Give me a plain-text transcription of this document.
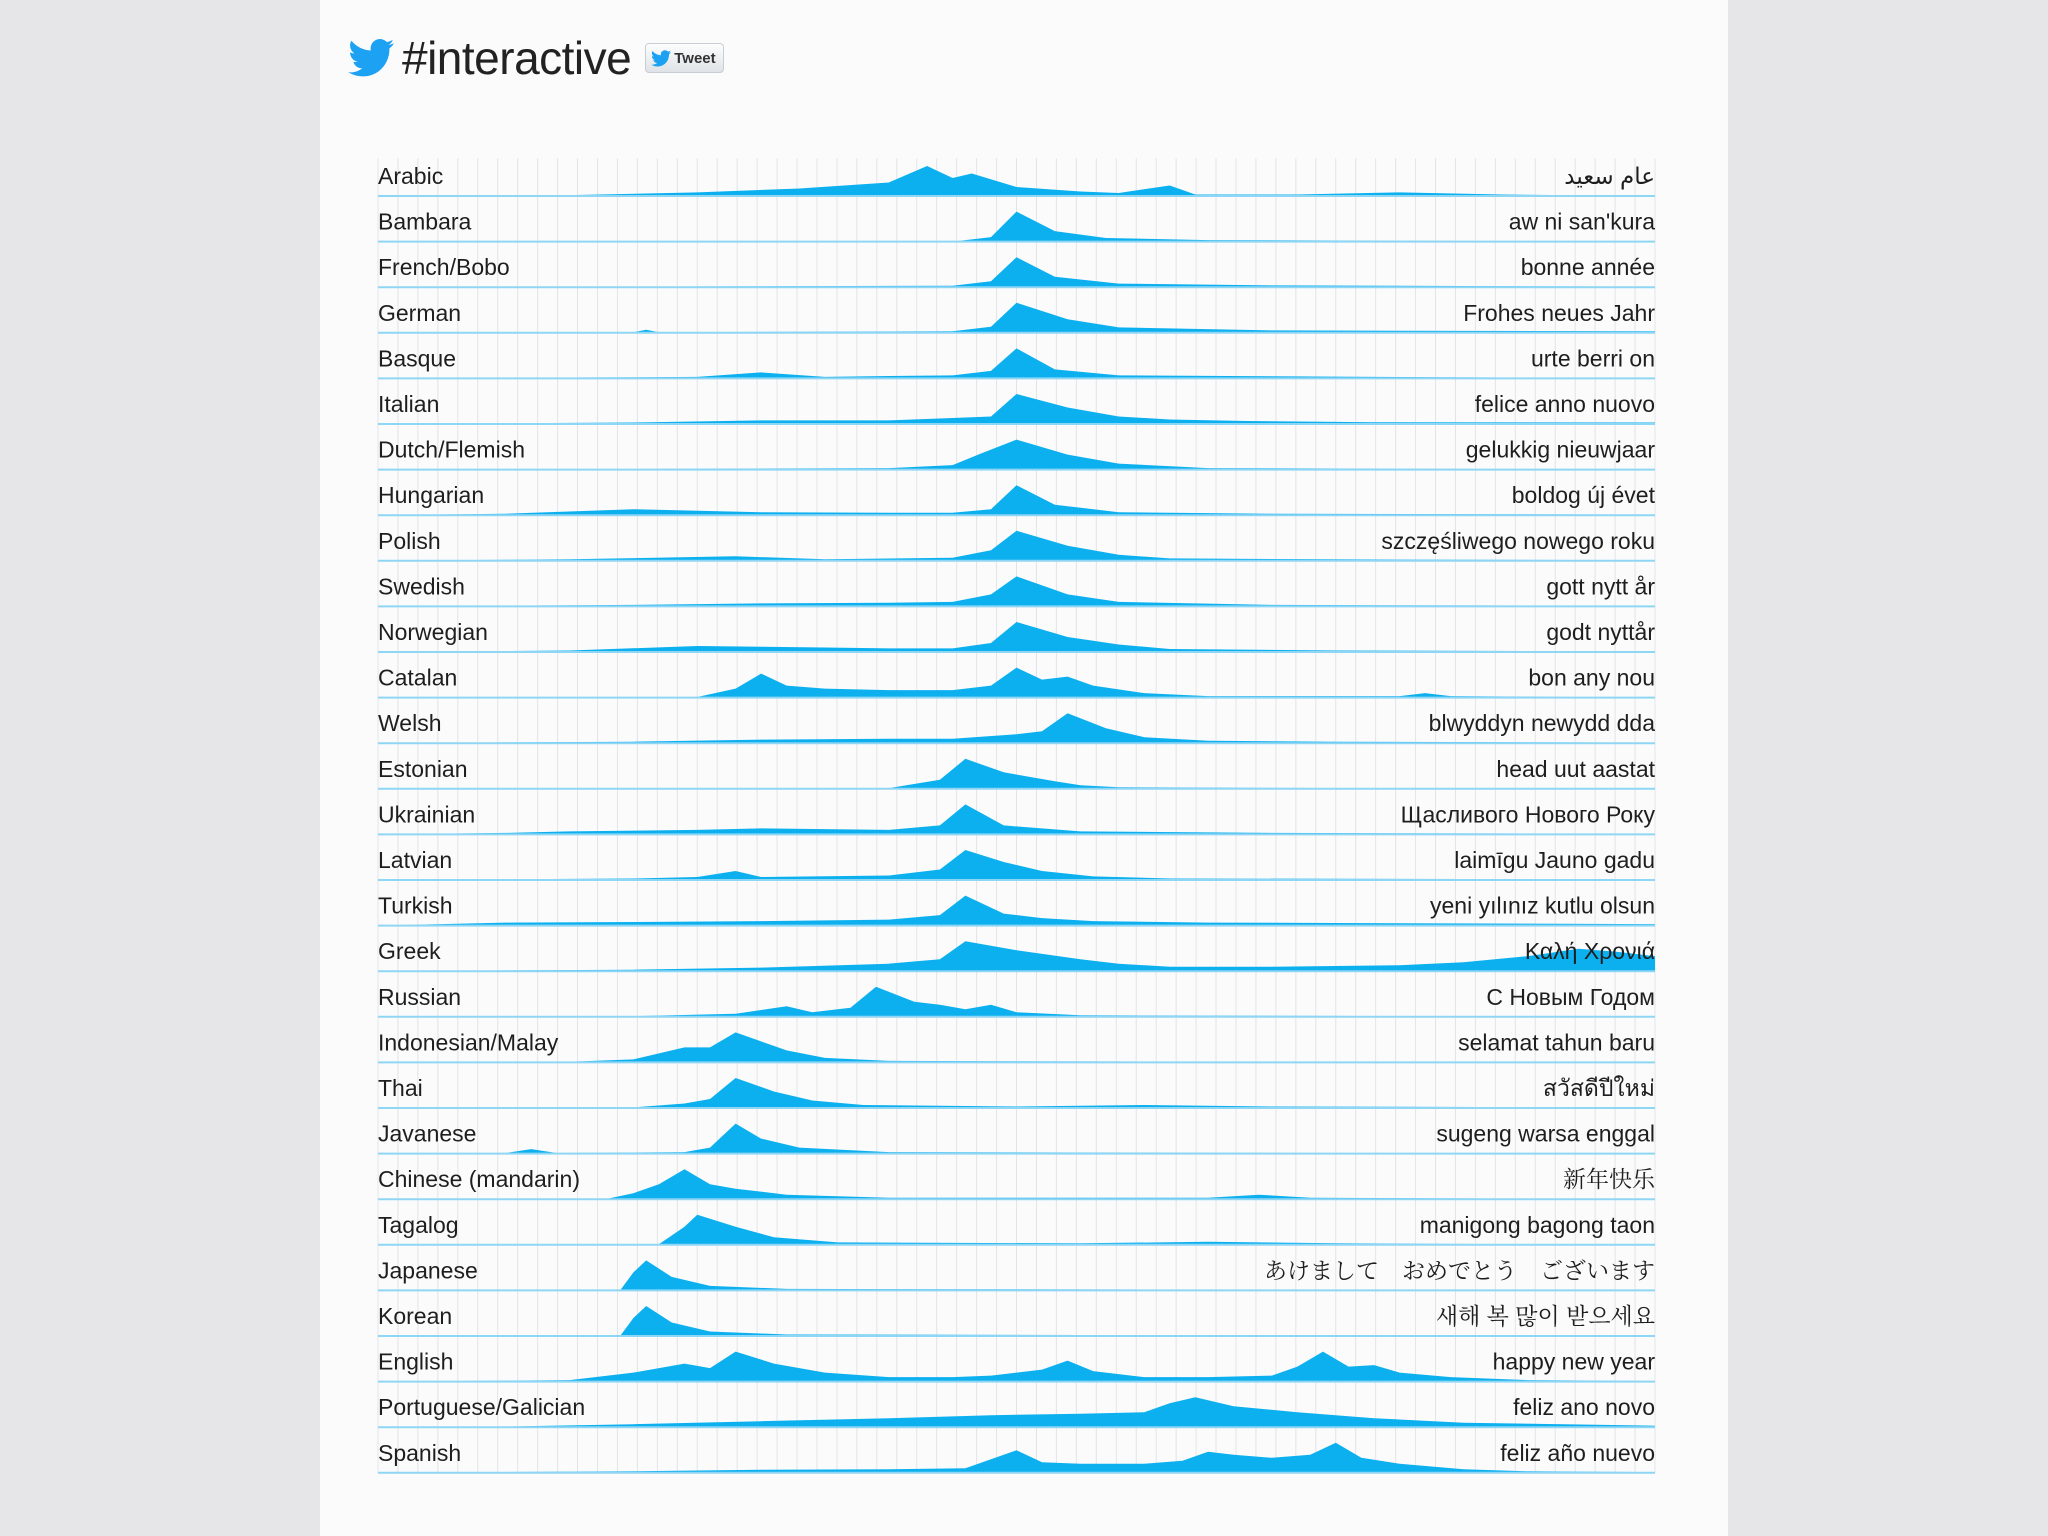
#interactive	Tweet
Arabic	عام سعيد
Bambara	aw ni san'kura
French/Bobo	bonne année
German	Frohes neues Jahr
Basque	urte berri on
Italian	felice anno nuovo
Dutch/Flemish	gelukkig nieuwjaar
Hungarian	boldog új évet
Polish	szczęśliwego nowego roku
Swedish	gott nytt år
Norwegian	godt nyttår
Catalan	bon any nou
Welsh	blwyddyn newydd dda
Estonian	head uut aastat
Ukrainian	Щасливого Нового Року
Latvian	laimīgu Jauno gadu
Turkish	yeni yılınız kutlu olsun
Greek	Καλή Χρονιά
Russian	С Новым Годом
Indonesian/Malay	selamat tahun baru
Thai	สวัสดีปีใหม่
Javanese	sugeng warsa enggal
Chinese (mandarin)	新年快乐
Tagalog	manigong bagong taon
Japanese	あけまして　おめでとう　ございます
Korean	새해 복 많이 받으세요
English	happy new year
Portuguese/Galician	feliz ano novo
Spanish	feliz año nuevo
